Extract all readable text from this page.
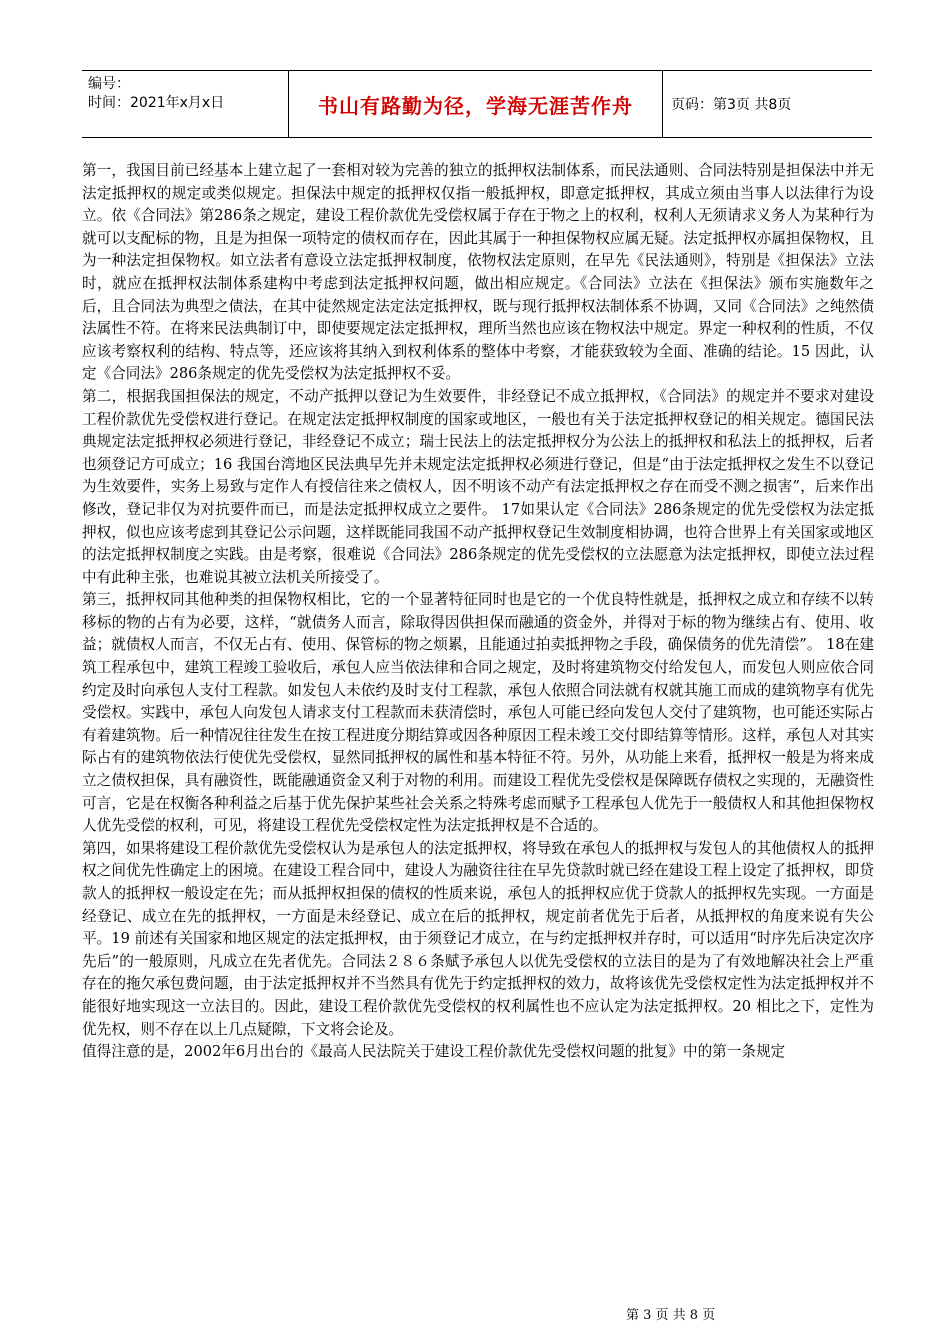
编号：
时间：2021年x月x日	书山有路勤为径，学海无涯苦作舟	页码：第3页 共8页

第一，我国目前已经基本上建立起了一套相对较为完善的独立的抵押权法制体系，而民法通则、合同法特别是担保法中并无法定抵押权的规定或类似规定。担保法中规定的抵押权仅指一般抵押权，即意定抵押权，其成立须由当事人以法律行为设立。依《合同法》第286条之规定，建设工程价款优先受偿权属于存在于物之上的权利，权利人无须请求义务人为某种行为就可以支配标的物，且是为担保一项特定的债权而存在，因此其属于一种担保物权应属无疑。法定抵押权亦属担保物权，且为一种法定担保物权。如立法者有意设立法定抵押权制度，依物权法定原则，在早先《民法通则》，特别是《担保法》立法时，就应在抵押权法制体系建构中考虑到法定抵押权问题，做出相应规定。《合同法》立法在《担保法》颁布实施数年之后，且合同法为典型之债法，在其中徒然规定法定法定抵押权，既与现行抵押权法制体系不协调，又同《合同法》之纯然债法属性不符。在将来民法典制订中，即使要规定法定抵押权，理所当然也应该在物权法中规定。界定一种权利的性质，不仅应该考察权利的结构、特点等，还应该将其纳入到权利体系的整体中考察，才能获致较为全面、准确的结论。15 因此，认定《合同法》286条规定的优先受偿权为法定抵押权不妥。

第二，根据我国担保法的规定，不动产抵押以登记为生效要件，非经登记不成立抵押权，《合同法》的规定并不要求对建设工程价款优先受偿权进行登记。在规定法定抵押权制度的国家或地区，一般也有关于法定抵押权登记的相关规定。德国民法典规定法定抵押权必须进行登记，非经登记不成立；瑞士民法上的法定抵押权分为公法上的抵押权和私法上的抵押权，后者也须登记方可成立；16 我国台湾地区民法典早先并未规定法定抵押权必须进行登记，但是“由于法定抵押权之发生不以登记为生效要件，实务上易致与定作人有授信往来之债权人，因不明该不动产有法定抵押权之存在而受不测之损害”，后来作出修改，登记非仅为对抗要件而已，而是法定抵押权成立之要件。 17如果认定《合同法》286条规定的优先受偿权为法定抵押权，似也应该考虑到其登记公示问题，这样既能同我国不动产抵押权登记生效制度相协调，也符合世界上有关国家或地区的法定抵押权制度之实践。由是考察，很难说《合同法》286条规定的优先受偿权的立法愿意为法定抵押权，即使立法过程中有此种主张，也难说其被立法机关所接受了。

第三，抵押权同其他种类的担保物权相比，它的一个显著特征同时也是它的一个优良特性就是，抵押权之成立和存续不以转移标的物的占有为必要，这样，“就债务人而言，除取得因供担保而融通的资金外，并得对于标的物为继续占有、使用、收益；就债权人而言，不仅无占有、使用、保管标的物之烦累，且能通过拍卖抵押物之手段，确保债务的优先清偿”。 18在建筑工程承包中，建筑工程竣工验收后，承包人应当依法律和合同之规定，及时将建筑物交付给发包人，而发包人则应依合同约定及时向承包人支付工程款。如发包人未依约及时支付工程款，承包人依照合同法就有权就其施工而成的建筑物享有优先受偿权。实践中，承包人向发包人请求支付工程款而未获清偿时，承包人可能已经向发包人交付了建筑物，也可能还实际占有着建筑物。后一种情况往往发生在按工程进度分期结算或因各种原因工程未竣工交付即结算等情形。这样，承包人对其实际占有的建筑物依法行使优先受偿权，显然同抵押权的属性和基本特征不符。另外，从功能上来看，抵押权一般是为将来成立之债权担保，具有融资性，既能融通资金又利于对物的利用。而建设工程优先受偿权是保障既存债权之实现的，无融资性可言，它是在权衡各种利益之后基于优先保护某些社会关系之特殊考虑而赋予工程承包人优先于一般债权人和其他担保物权人优先受偿的权利，可见，将建设工程优先受偿权定性为法定抵押权是不合适的。

第四，如果将建设工程价款优先受偿权认为是承包人的法定抵押权，将导致在承包人的抵押权与发包人的其他债权人的抵押权之间优先性确定上的困境。在建设工程合同中，建设人为融资往往在早先贷款时就已经在建设工程上设定了抵押权，即贷款人的抵押权一般设定在先；而从抵押权担保的债权的性质来说，承包人的抵押权应优于贷款人的抵押权先实现。一方面是经登记、成立在先的抵押权，一方面是未经登记、成立在后的抵押权，规定前者优先于后者，从抵押权的角度来说有失公平。19 前述有关国家和地区规定的法定抵押权，由于须登记才成立，在与约定抵押权并存时，可以适用“时序先后决定次序先后”的一般原则，凡成立在先者优先。合同法２８６条赋予承包人以优先受偿权的立法目的是为了有效地解决社会上严重存在的拖欠承包费问题，由于法定抵押权并不当然具有优先于约定抵押权的效力，故将该优先受偿权定性为法定抵押权并不能很好地实现这一立法目的。因此，建设工程价款优先受偿权的权利属性也不应认定为法定抵押权。20 相比之下，定性为优先权，则不存在以上几点疑隙，下文将会论及。

值得注意的是，2002年6月出台的《最高人民法院关于建设工程价款优先受偿权问题的批复》中的第一条规定

第 3 页 共 8 页
